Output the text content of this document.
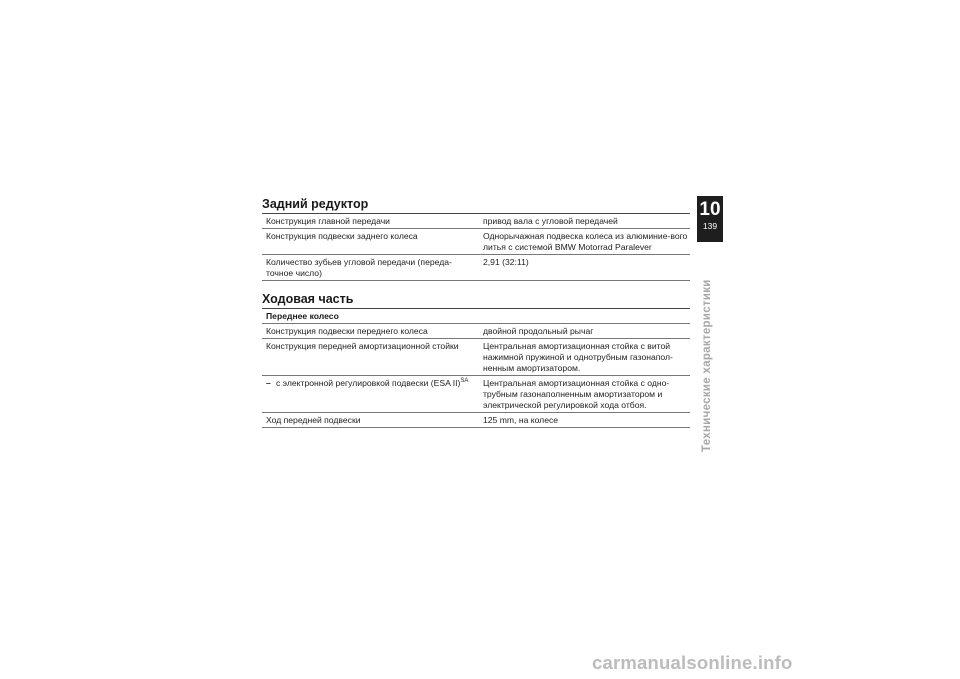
Задний редуктор
Конструкция главной передачи	привод вала с угловой передачей
Конструкция подвески заднего колеса	Однорычажная подвеска колеса из алюминие-вого литья с системой BMW Motorrad Paralever
Количество зубьев угловой передачи (переда-точное число)	2,91 (32:11)
Ходовая часть
Переднее колесо
Конструкция подвески переднего колеса	двойной продольный рычаг
Конструкция передней амортизационной стойки	Центральная амортизационная стойка с витой нажимной пружиной и однотрубным газонапол-ненным амортизатором.
– с электронной регулировкой подвески (ESA II)$^{SA}$	Центральная амортизационная стойка с одно-трубным газонаполненным амортизатором и электрической регулировкой хода отбоя.
Ход передней подвески	125 mm, на колесе
10
139
Технические характеристики
carmanualsonline.info
